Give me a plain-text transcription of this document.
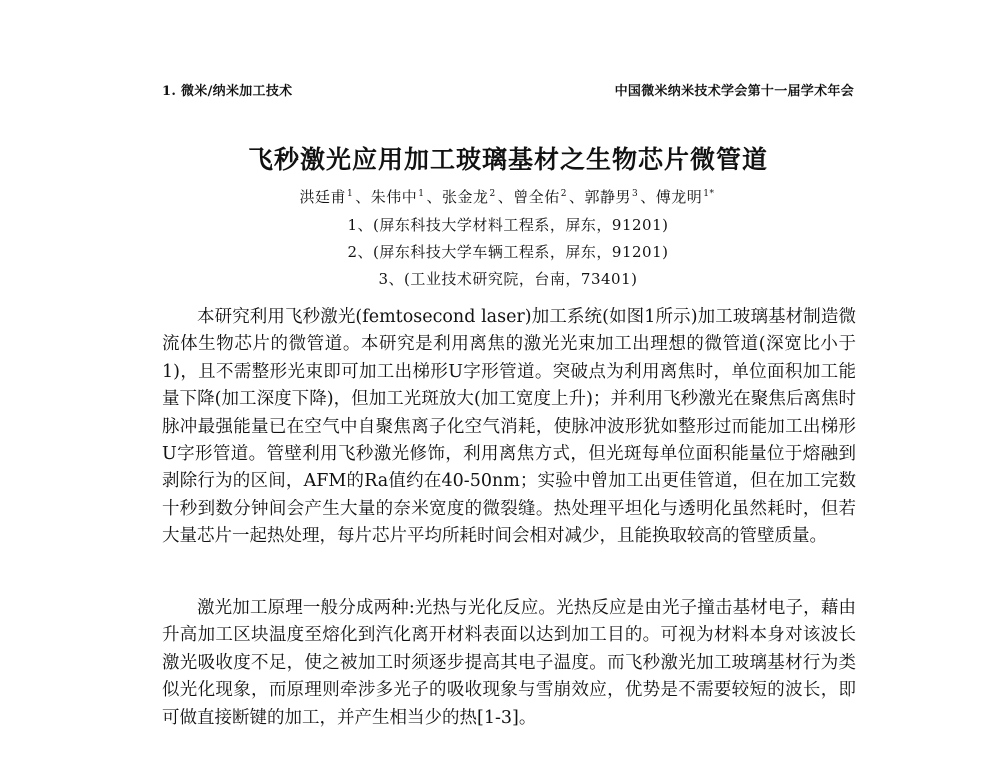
1. 微米/纳米加工技术	中国微米纳米技术学会第十一届学术年会
飞秒激光应用加工玻璃基材之生物芯片微管道
洪廷甫$^1$ 、朱伟中$^1$ 、张金龙$^2$ 、曾全佑$^2$ 、郭静男$^3$ 、傅龙明$^{1*}$
1、(屏东科技大学材料工程系，屏东，91201)
2、(屏东科技大学车辆工程系，屏东，91201)
3、(工业技术研究院，台南，73401)

本研究利用飞秒激光(femtosecond laser)加工系统(如图1所示)加工玻璃基材制造微流体生物芯片的微管道。本研究是利用离焦的激光光束加工出理想的微管道(深宽比小于1)，且不需整形光束即可加工出梯形U字形管道。突破点为利用离焦时，单位面积加工能量下降(加工深度下降)，但加工光斑放大(加工宽度上升)；并利用飞秒激光在聚焦后离焦时脉冲最强能量已在空气中自聚焦离子化空气消耗，使脉冲波形犹如整形过而能加工出梯形U字形管道。管壁利用飞秒激光修饰，利用离焦方式，但光斑每单位面积能量位于熔融到剥除行为的区间，AFM的Ra值约在40-50nm；实验中曾加工出更佳管道，但在加工完数十秒到数分钟间会产生大量的奈米宽度的微裂缝。热处理平坦化与透明化虽然耗时，但若大量芯片一起热处理，每片芯片平均所耗时间会相对减少，且能换取较高的管壁质量。

激光加工原理一般分成两种:光热与光化反应。光热反应是由光子撞击基材电子，藉由升高加工区块温度至熔化到汽化离开材料表面以达到加工目的。可视为材料本身对该波长激光吸收度不足，使之被加工时须逐步提高其电子温度。而飞秒激光加工玻璃基材行为类似光化现象，而原理则牵涉多光子的吸收现象与雪崩效应，优势是不需要较短的波长，即可做直接断键的加工，并产生相当少的热[1-3]。
